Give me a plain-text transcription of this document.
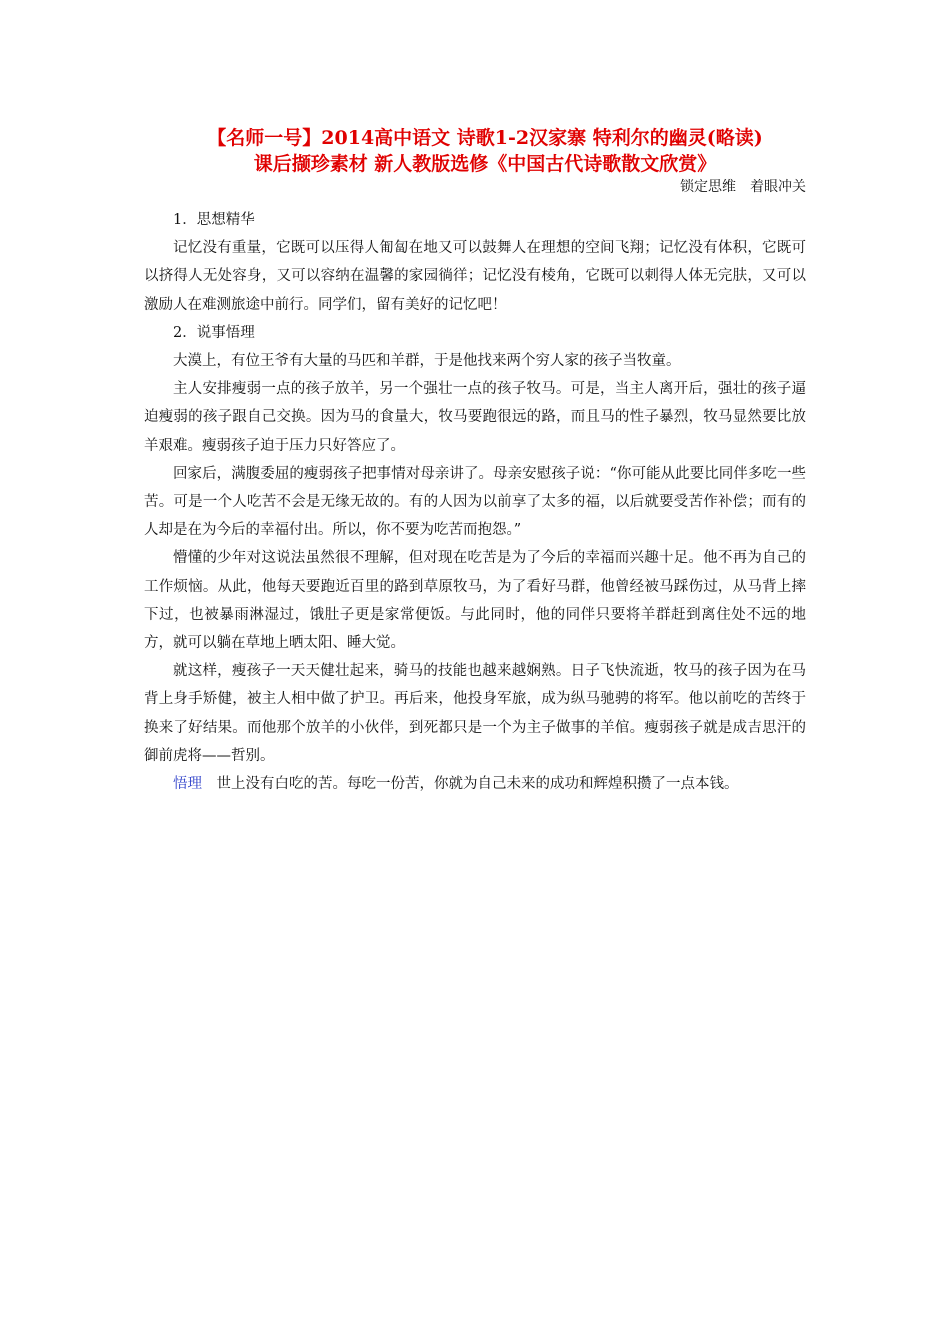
【名师一号】2014高中语文 诗歌1-2汉家寨 特利尔的幽灵(略读)
课后撷珍素材 新人教版选修《中国古代诗歌散文欣赏》
锁定思维　着眼冲关
1．思想精华

记忆没有重量，它既可以压得人匍匐在地又可以鼓舞人在理想的空间飞翔；记忆没有体积，它既可以挤得人无处容身，又可以容纳在温馨的家园徜徉；记忆没有棱角，它既可以刺得人体无完肤，又可以激励人在难测旅途中前行。同学们，留有美好的记忆吧！

2．说事悟理

大漠上，有位王爷有大量的马匹和羊群，于是他找来两个穷人家的孩子当牧童。

主人安排瘦弱一点的孩子放羊，另一个强壮一点的孩子牧马。可是，当主人离开后，强壮的孩子逼迫瘦弱的孩子跟自己交换。因为马的食量大，牧马要跑很远的路，而且马的性子暴烈，牧马显然要比放羊艰难。瘦弱孩子迫于压力只好答应了。

回家后，满腹委屈的瘦弱孩子把事情对母亲讲了。母亲安慰孩子说：“你可能从此要比同伴多吃一些苦。可是一个人吃苦不会是无缘无故的。有的人因为以前享了太多的福，以后就要受苦作补偿；而有的人却是在为今后的幸福付出。所以，你不要为吃苦而抱怨。”

懵懂的少年对这说法虽然很不理解，但对现在吃苦是为了今后的幸福而兴趣十足。他不再为自己的工作烦恼。从此，他每天要跑近百里的路到草原牧马，为了看好马群，他曾经被马踩伤过，从马背上摔下过，也被暴雨淋湿过，饿肚子更是家常便饭。与此同时，他的同伴只要将羊群赶到离住处不远的地方，就可以躺在草地上晒太阳、睡大觉。

就这样，瘦孩子一天天健壮起来，骑马的技能也越来越娴熟。日子飞快流逝，牧马的孩子因为在马背上身手矫健，被主人相中做了护卫。再后来，他投身军旅，成为纵马驰骋的将军。他以前吃的苦终于换来了好结果。而他那个放羊的小伙伴，到死都只是一个为主子做事的羊倌。瘦弱孩子就是成吉思汗的御前虎将——哲别。

悟理　世上没有白吃的苦。每吃一份苦，你就为自己未来的成功和辉煌积攒了一点本钱。
